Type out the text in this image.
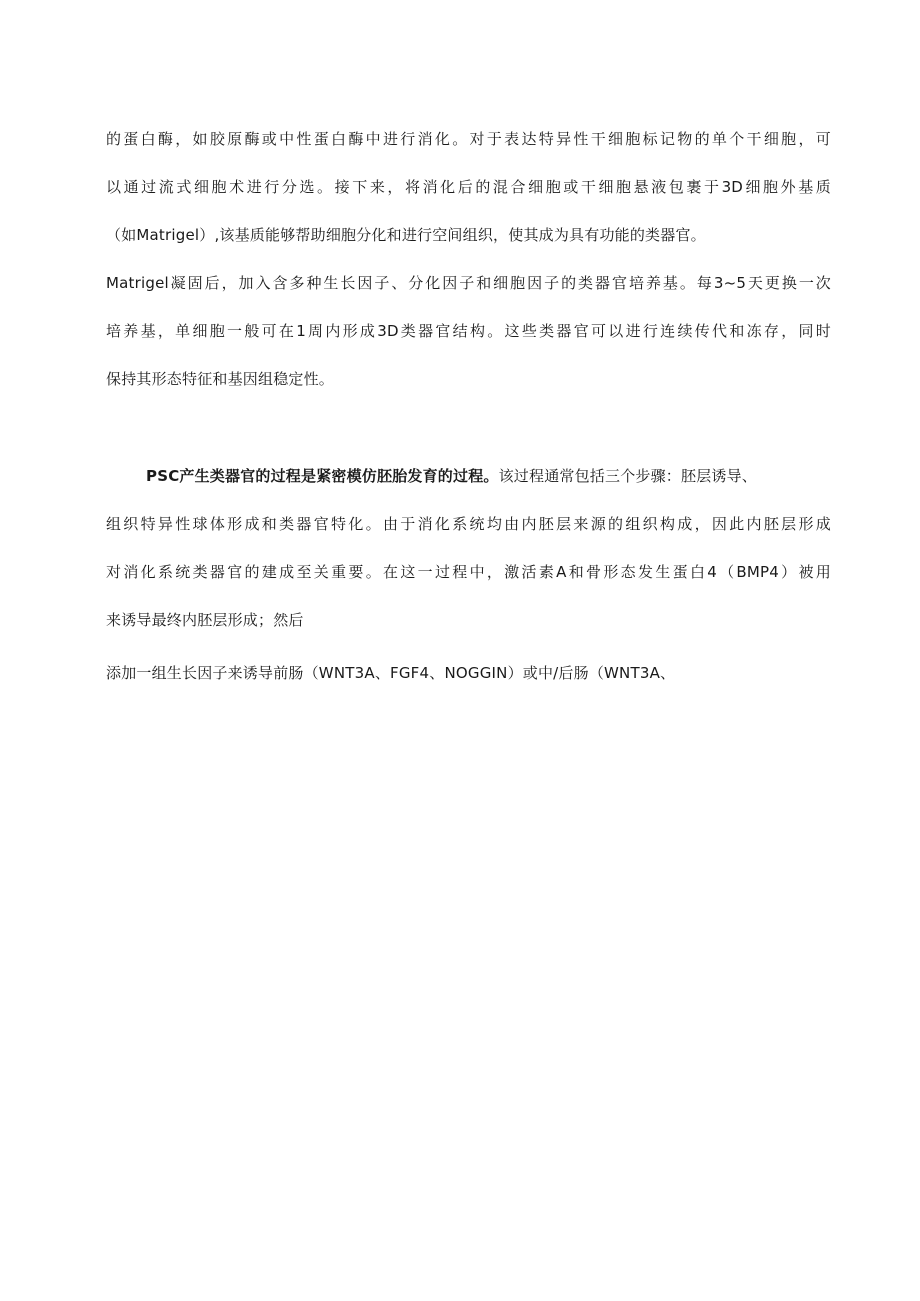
的蛋白酶，如胶原酶或中性蛋白酶中进行消化。对于表达特异性干细胞标记物的单个干细胞，可
以通过流式细胞术进行分选。接下来，将消化后的混合细胞或干细胞悬液包裹于3D细胞外基质
（如Matrigel）,该基质能够帮助细胞分化和进行空间组织，使其成为具有功能的类器官。
Matrigel凝固后，加入含多种生长因子、分化因子和细胞因子的类器官培养基。每3~5天更换一次
培养基，单细胞一般可在1周内形成3D类器官结构。这些类器官可以进行连续传代和冻存，同时
保持其形态特征和基因组稳定性。
PSC产生类器官的过程是紧密模仿胚胎发育的过程。该过程通常包括三个步骤：胚层诱导、
组织特异性球体形成和类器官特化。由于消化系统均由内胚层来源的组织构成，因此内胚层形成
对消化系统类器官的建成至关重要。在这一过程中，激活素A和骨形态发生蛋白4（BMP4）被用
来诱导最终内胚层形成；然后
添加一组生长因子来诱导前肠（WNT3A、FGF4、NOGGIN）或中/后肠（WNT3A、
